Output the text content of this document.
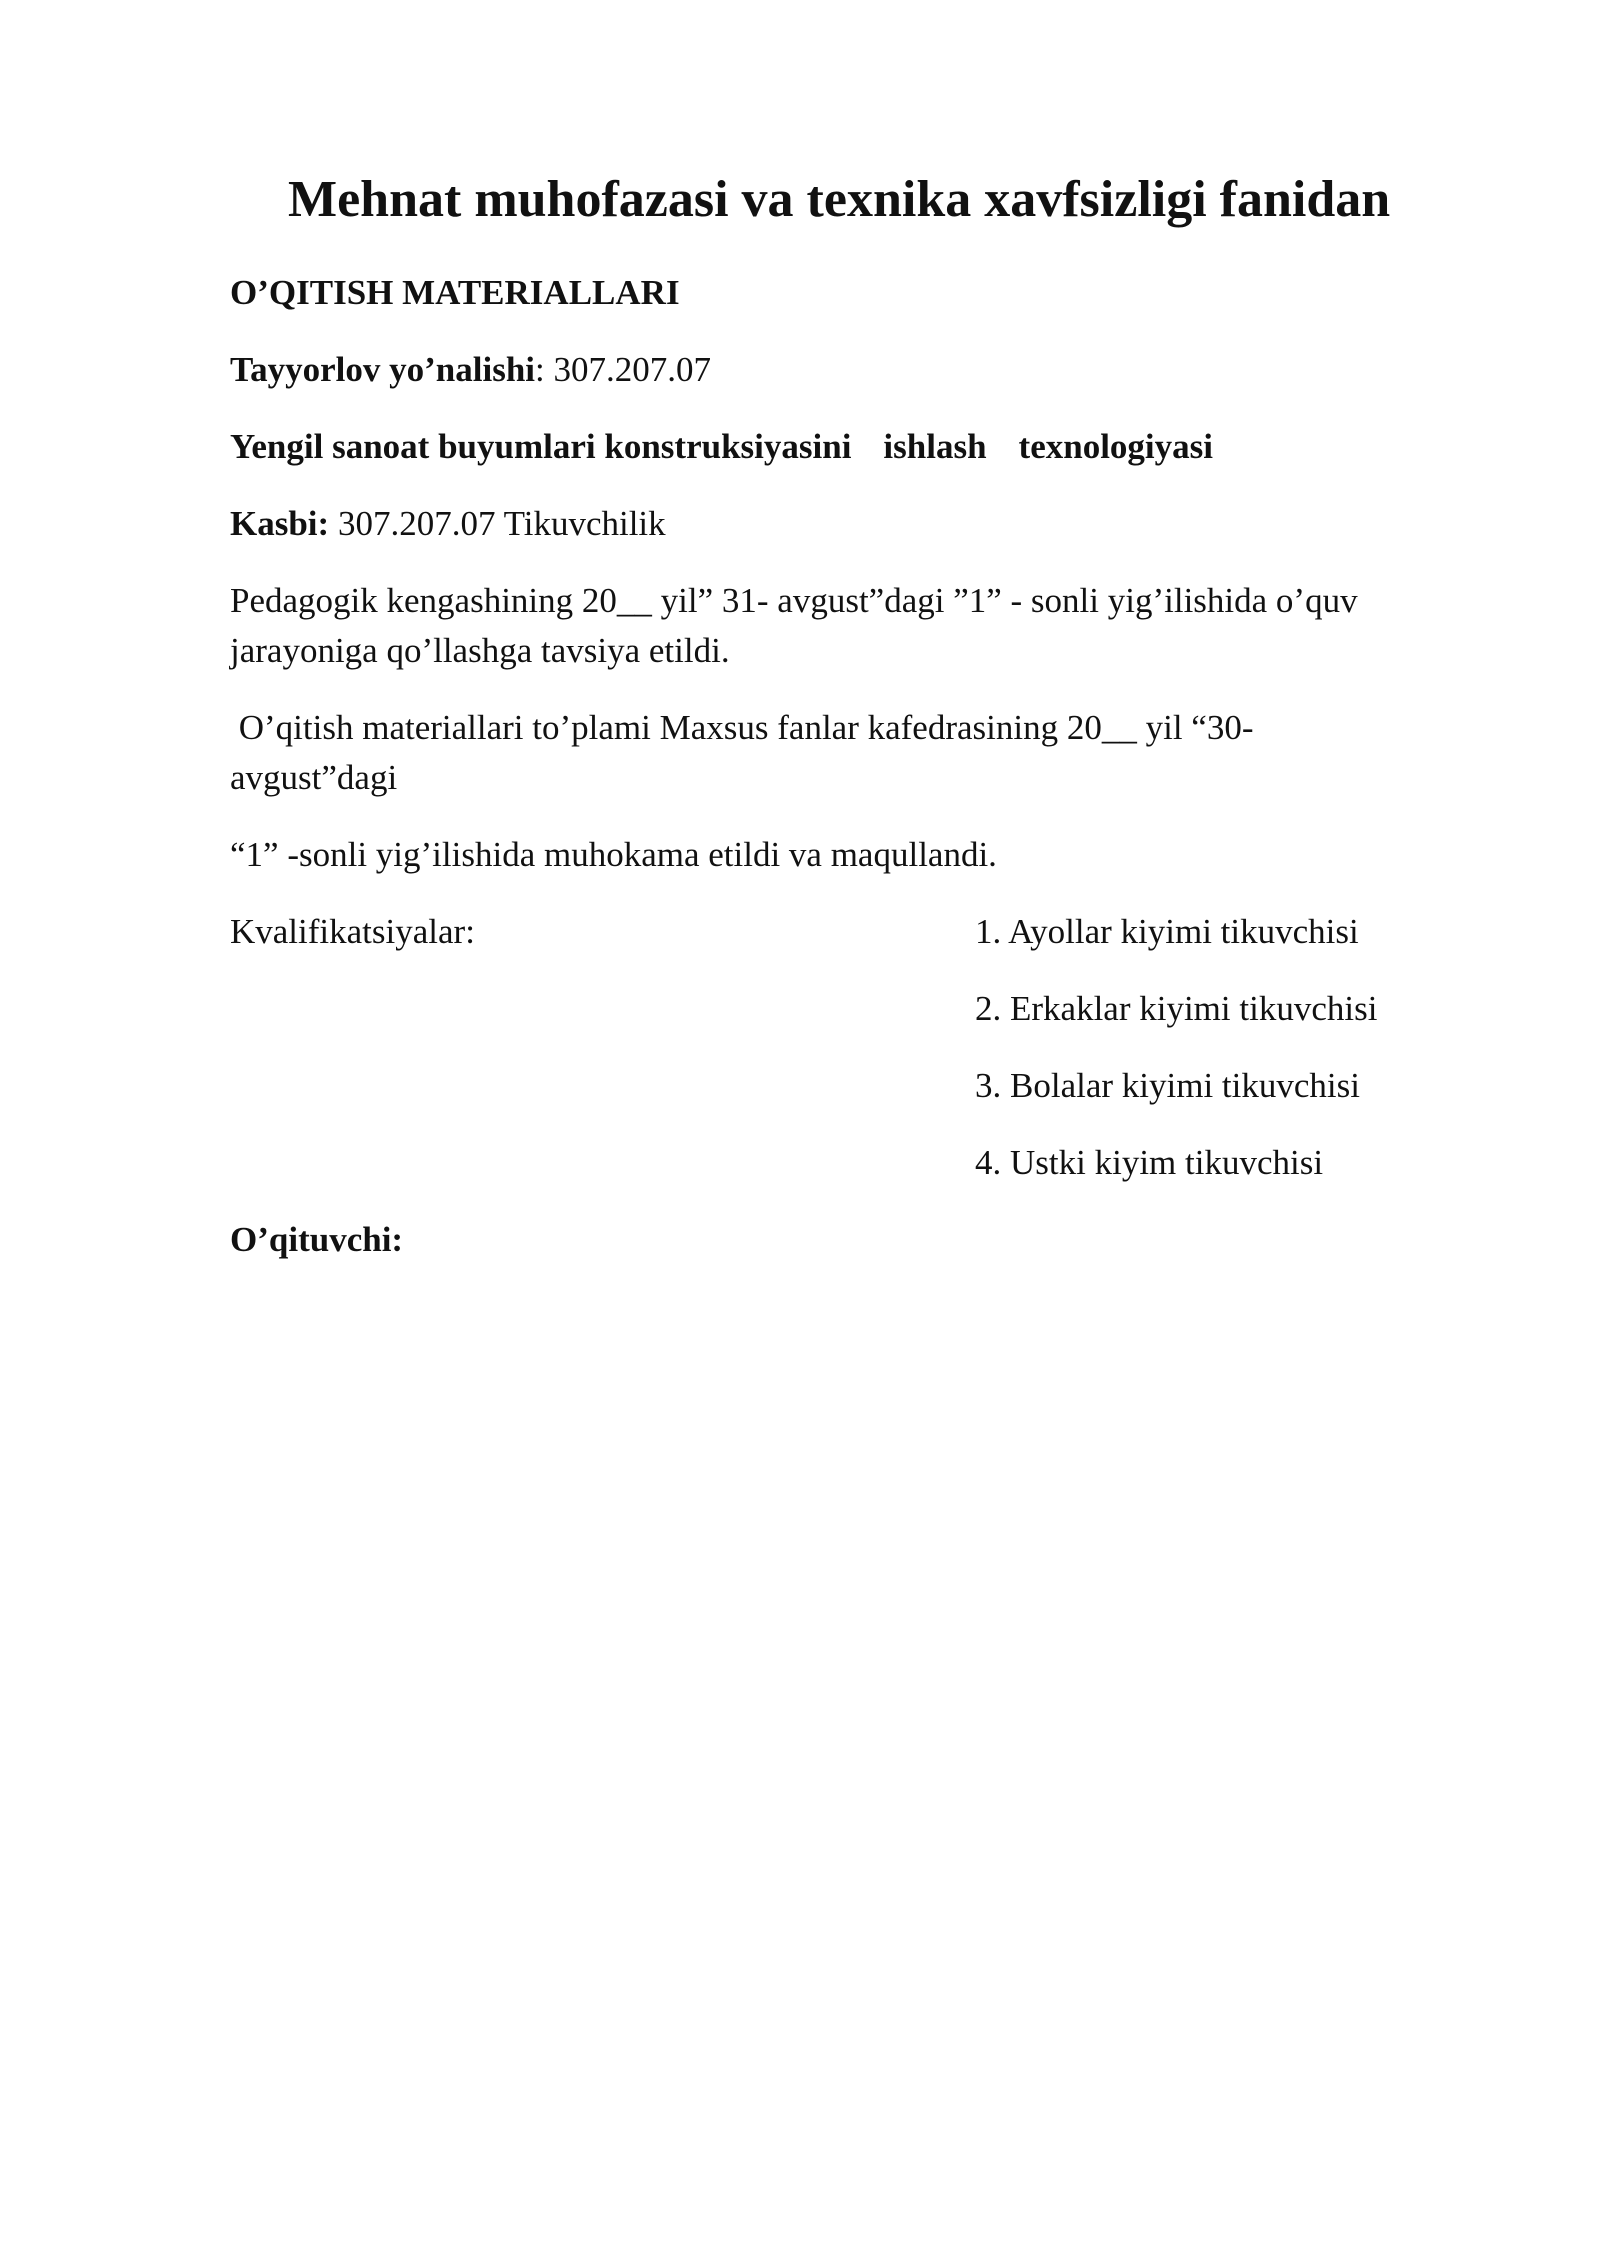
Mehnat muhofazasi va texnika xavfsizligi fanidan
O’QITISH MATERIALLARI
Tayyorlov yo’nalishi: 307.207.07
Yengil sanoat buyumlari konstruksiyasini ishlash texnologiyasi
Kasbi: 307.207.07 Tikuvchilik
Pedagogik kengashining 20__ yil” 31- avgust”dagi ”1” - sonli yig’ilishida o’quv jarayoniga qo’llashga tavsiya etildi.
O’qitish materiallari to’plami Maxsus fanlar kafedrasining 20__ yil “30-
avgust”dagi
“1” -sonli yig’ilishida muhokama etildi va maqullandi.
Kvalifikatsiyalar:	1. Ayollar kiyimi tikuvchisi
2. Erkaklar kiyimi tikuvchisi
3. Bolalar kiyimi tikuvchisi
4. Ustki kiyim tikuvchisi
O’qituvchi:
